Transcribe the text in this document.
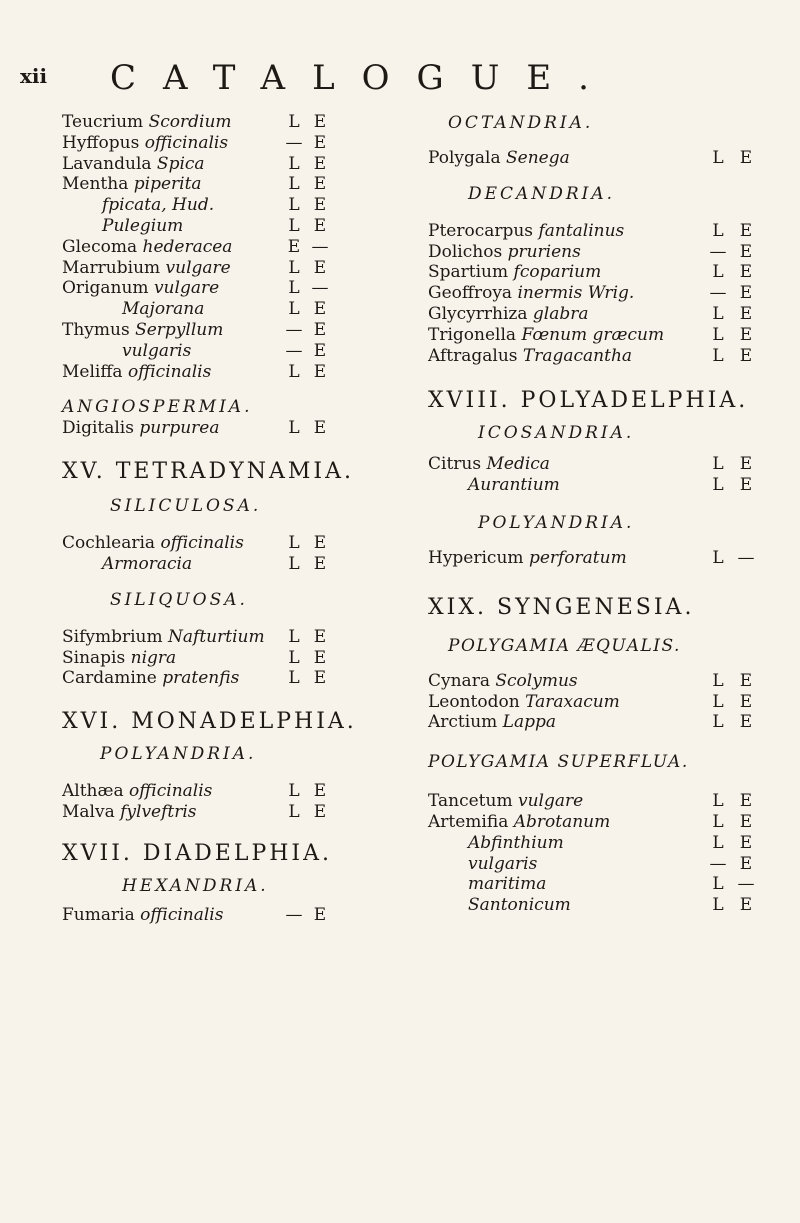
xii CATALOGUE.
Teucrium Scordium	L E
Hyffopus officinalis	— E
Lavandula Spica	L E
Mentha piperita	L E
fpicata, Hud.	L E
Pulegium	L E
Glecoma hederacea	E —
Marrubium vulgare	L E
Origanum vulgare	L —
Majorana	L E
Thymus Serpyllum	— E
vulgaris	— E
Meliffa officinalis	L E
ANGIOSPERMIA.
Digitalis purpurea	L E
XV. TETRADYNAMIA.
SILICULOSA.
Cochlearia officinalis	L E
Armoracia	L E
SILIQUOSA.
Sifymbrium Nafturtium L E
Sinapis nigra	L E
Cardamine pratenfis	L E
XVI. MONADELPHIA.
POLYANDRIA.
Althæa officinalis	L E
Malva fylveftris	L E
XVII. DIADELPHIA.
HEXANDRIA.
Fumaria officinalis	— E
OCTANDRIA.
Polygala Senega	L E
DECANDRIA.
Pterocarpus fantalinus	L E
Dolichos pruriens	— E
Spartium fcoparium	L E
Geoffroya inermis Wrig.	— E
Glycyrrhiza glabra	L E
Trigonella Fœnum græcum	L E
Aftragalus Tragacantha	L E
XVIII. POLYADELPHIA.
ICOSANDRIA.
Citrus Medica	L E
Aurantium	L E
POLYANDRIA.
Hypericum perforatum	L —
XIX. SYNGENESIA.
POLYGAMIA ÆQUALIS.
Cynara Scolymus	L E
Leontodon Taraxacum	L E
Arctium Lappa	L E
POLYGAMIA SUPERFLUA.
Tancetum vulgare	L E
Artemifia Abrotanum	L E
Abfinthium	L E
vulgaris	— E
maritima	L —
Santonicum	L E
